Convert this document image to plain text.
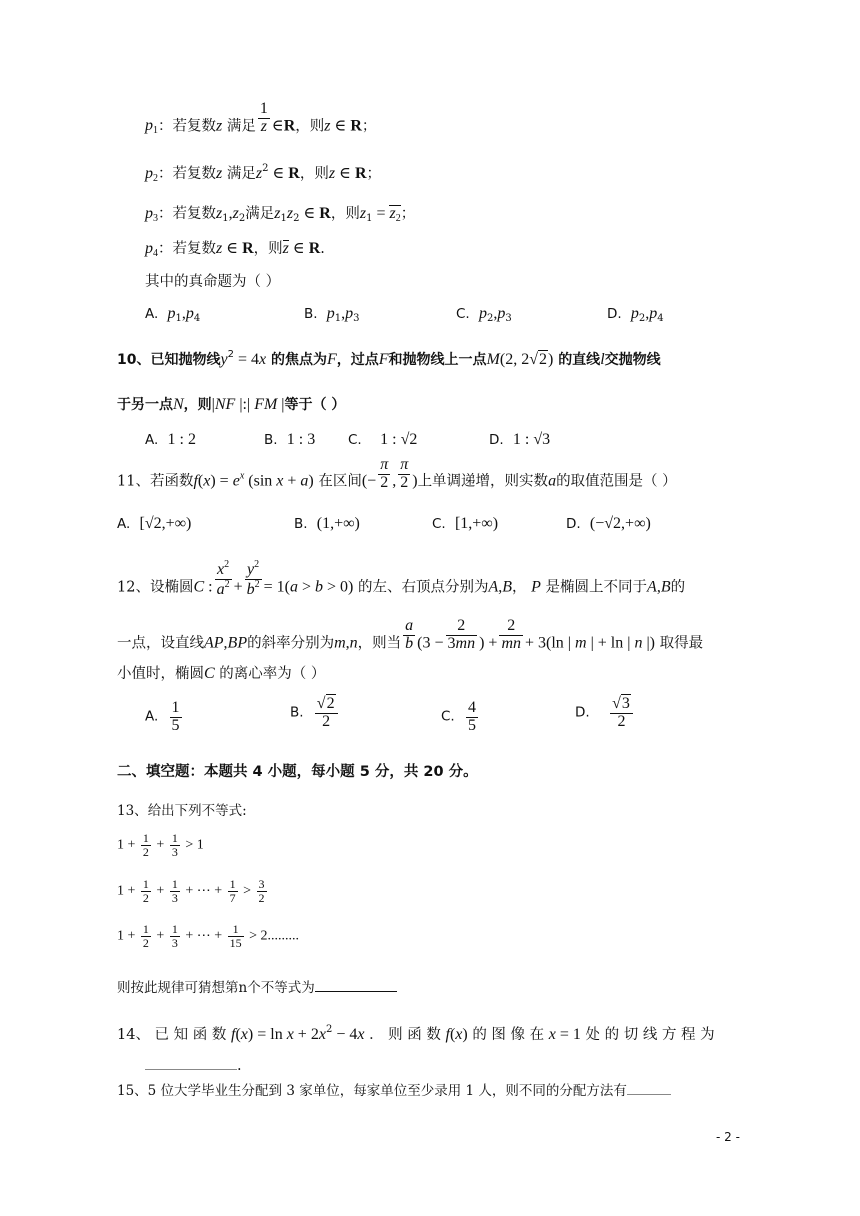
$p_1$：若复数z 满足 $\frac{1}{z}$ ∈R，则z ∈ R；
$p_2$：若复数z 满足$z^2$ ∈ R，则z ∈ R；
$p_3$：若复数$z_1,z_2$满足$z_1z_2$ ∈ R，则$z_1 = z_2$；
$p_4$：若复数z ∈ R，则z ∈ R.
其中的真命题为（ ）
A. $p_1,p_4$	B. $p_1,p_3$	C. $p_2,p_3$	D. $p_2,p_4$
10、已知抛物线$y^2 = 4x$ 的焦点为F，过点F和抛物线上一点M(2, 2√2) 的直线l交抛物线
于另一点N，则|NF |:| FM |等于（ ）
A. 1 : 2	B. 1 : 3 C. 1 : √2	D. 1 : √3
11、若函数$f(x) = e^x$ (sin x + a) 在区间(− $\frac{\pi}{2}$ , $\frac{\pi}{2}$ )上单调递增，则实数a的取值范围是（ ）
A. [√2,+∞)	B. (1,+∞)	C. [1,+∞)	D. (−√2,+∞)
12、设椭圆C : $\frac{x^2}{a^2} + \frac{y^2}{b^2} = 1(a > b > 0)$ 的左、右顶点分别为A,B， P 是椭圆上不同于A,B的
一点，设直线AP,BP的斜率分别为m,n，则当 $\frac{a}{b} (3 - \frac{2}{3mn}$ ) + $\frac{2}{mn} + 3(\ln$ | m | + ln | n |) 取得最
小值时，椭圆C 的离心率为（ ）
A. $\frac{1}{5}$	B. $\frac{√2}{2}$	C. $\frac{4}{5}$	D. $\frac{√3}{2}$
二、填空题：本题共 4 小题，每小题 5 分，共 20 分。
13、给出下列不等式:
$1 + \frac{1}{2} + \frac{1}{3} > 1$
$1 + \frac{1}{2} + \frac{1}{3}$ + ⋯ + $\frac{1}{7} > \frac{3}{2}$
$1 + \frac{1}{2} + \frac{1}{3}$ + ⋯ + $\frac{1}{15} > 2$.........
则按此规律可猜想第n个不等式为
14、 已 知 函 数 $f(x) = \ln x + 2x^2 - 4x$ ． 则 函 数 f(x) 的 图 像 在 x = 1 处 的 切 线 方 程 为
.
15、5 位大学毕业生分配到 3 家单位，每家单位至少录用 1 人，则不同的分配方法有
- 2 -
